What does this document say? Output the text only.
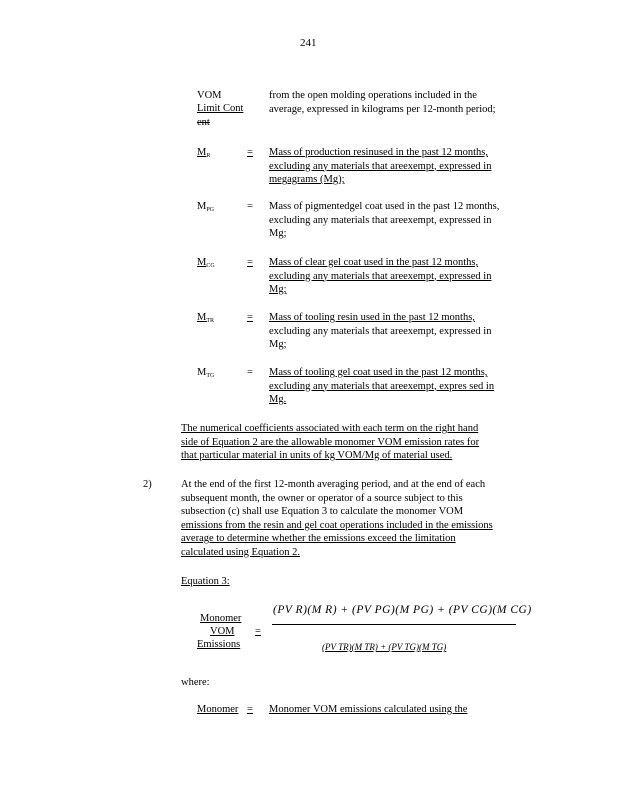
241
VOM
Limit Cont
ent
from the open molding operations included in the
average, expressed in kilograms per 12-month period;
$M_R$	= Mass of production resinused in the past 12 months,
excluding any materials that areexempt, expressed in
megagrams (Mg);
$M_{PG}$	= Mass of pigmentedgel coat used in the past 12 months,
excluding any materials that areexempt, expressed in
Mg;
$M_{CG}$	= Mass of clear gel coat used in the past 12 months,
excluding any materials that areexempt, expressed in
Mg;
$M_{TR}$	= Mass of tooling resin used in the past 12 months,
excluding any materials that areexempt, expressed in
Mg;
$M_{TG}$	= Mass of tooling gel coat used in the past 12 months,
excluding any materials that areexempt, expres sed in
Mg.
The numerical coefficients associated with each term on the right hand
side of Equation 2 are the allowable monomer VOM emission rates for
that particular material in units of kg VOM/Mg of material used.
2)	At the end of the first 12-month averaging period, and at the end of each
subsequent month, the owner or operator of a source subject to this
subsection (c) shall use Equation 3 to calculate the monomer VOM
emissions from the resin and gel coat operations included in the emissions
average to determine whether the emissions exceed the limitation
calculated using Equation 2.
Equation 3:
Monomer
VOM
Emissions
=
(PV R)(M R) + (PV PG)(M PG) + (PV CG)(M CG)
(PV TR)(M TR) + (PV TG)(M TG)
where:
Monomer = Monomer VOM emissions calculated using the
